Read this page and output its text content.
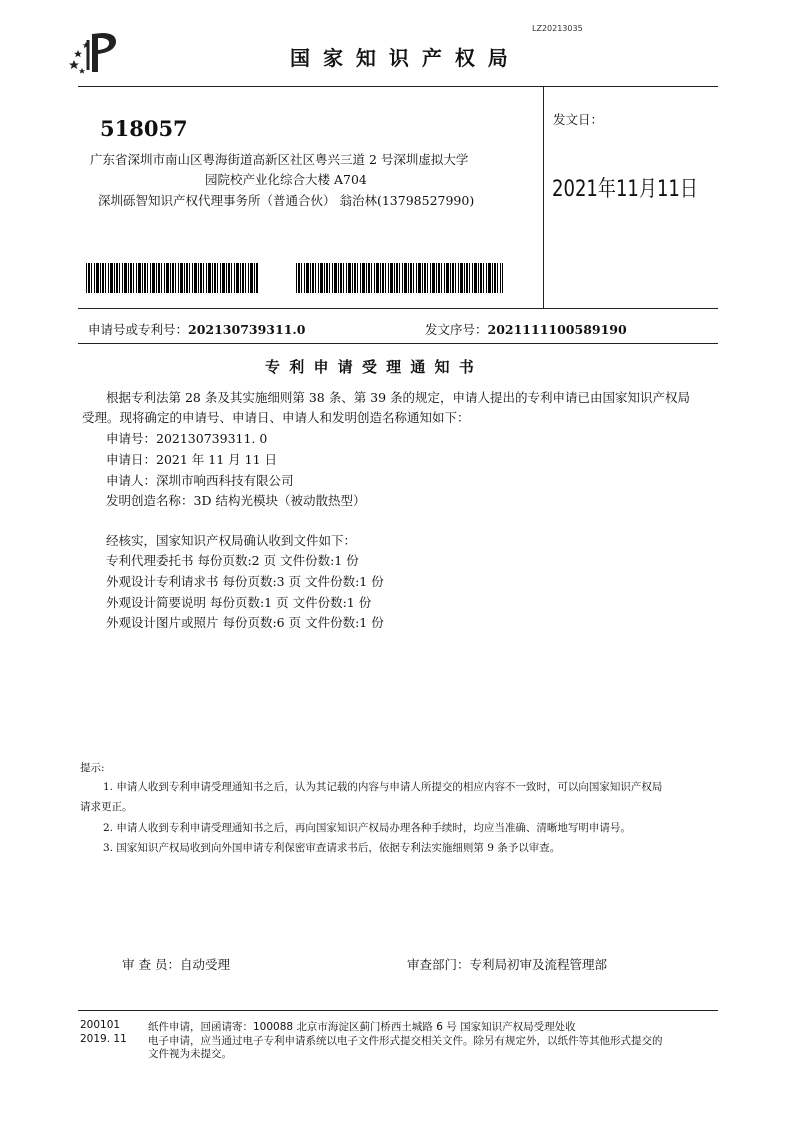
LZ20213035
国 家 知 识 产 权 局
518057
广东省深圳市南山区粤海街道高新区社区粤兴三道 2 号深圳虚拟大学
园院校产业化综合大楼 A704
深圳砾智知识产权代理事务所（普通合伙） 翁治林(13798527990)
发文日：
2021年11月11日
申请号或专利号：202130739311.0	发文序号：2021111100589190
专 利 申 请 受 理 通 知 书
根据专利法第 28 条及其实施细则第 38 条、第 39 条的规定，申请人提出的专利申请已由国家知识产权局
受理。现将确定的申请号、申请日、申请人和发明创造名称通知如下：
申请号：202130739311. 0
申请日：2021 年 11 月 11 日
申请人：深圳市响西科技有限公司
发明创造名称：3D 结构光模块（被动散热型）
经核实，国家知识产权局确认收到文件如下：
专利代理委托书 每份页数:2 页 文件份数:1 份
外观设计专利请求书 每份页数:3 页 文件份数:1 份
外观设计简要说明 每份页数:1 页 文件份数:1 份
外观设计图片或照片 每份页数:6 页 文件份数:1 份
提示:
1. 申请人收到专利申请受理通知书之后，认为其记载的内容与申请人所提交的相应内容不一致时，可以向国家知识产权局
请求更正。
2. 申请人收到专利申请受理通知书之后，再向国家知识产权局办理各种手续时，均应当准确、清晰地写明申请号。
3. 国家知识产权局收到向外国申请专利保密审查请求书后，依据专利法实施细则第 9 条予以审查。
审 查 员：自动受理	审查部门：专利局初审及流程管理部
200101
2019. 11
纸件申请，回函请寄：100088 北京市海淀区蓟门桥西土城路 6 号 国家知识产权局受理处收
电子申请，应当通过电子专利申请系统以电子文件形式提交相关文件。除另有规定外，以纸件等其他形式提交的
文件视为未提交。
